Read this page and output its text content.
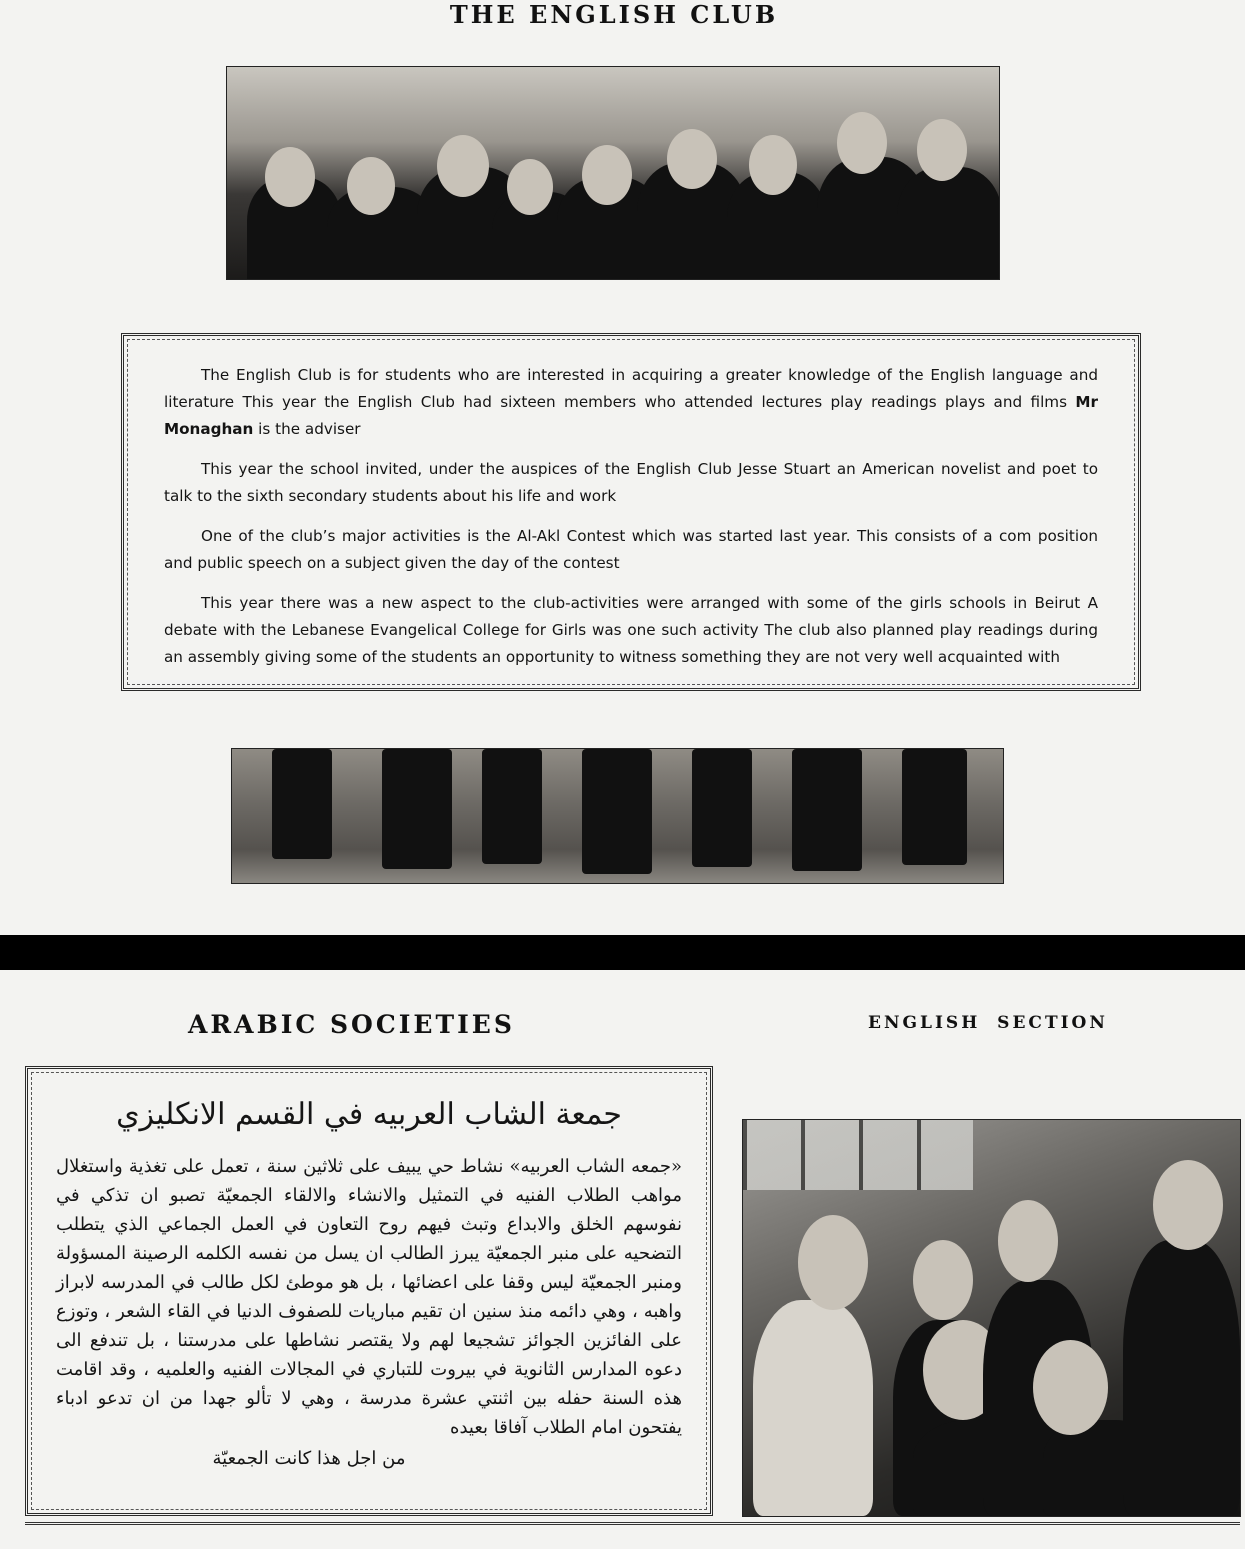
THE ENGLISH CLUB

The English Club is for students who are interested in acquiring a greater knowledge of the English language and literature This year the English Club had sixteen members who attended lectures play readings plays and films Mr Monaghan is the adviser

This year the school invited, under the auspices of the English Club Jesse Stuart an American novelist and poet to talk to the sixth secondary students about his life and work

One of the club’s major activities is the Al-Akl Contest which was started last year. This consists of a com position and public speech on a subject given the day of the contest

This year there was a new aspect to the club-activities were arranged with some of the girls schools in Beirut A debate with the Lebanese Evangelical College for Girls was one such activity The club also planned play readings during an assembly giving some of the students an opportunity to witness something they are not very well acquainted with

ARABIC SOCIETIES	ENGLISH SECTION
جمعة الشاب العربيه في القسم الانكليزي
«جمعه الشاب العربيه» نشاط حي يبيف على ثلاثين سنة ، تعمل على تغذية واستغلال مواهب الطلاب الفنيه في التمثيل والانشاء والالقاء الجمعيّة تصبو ان تذكي في نفوسهم الخلق والابداع وتبث فيهم روح التعاون في العمل الجماعي الذي يتطلب التضحيه على منبر الجمعيّة يبرز الطالب ان يسل من نفسه الكلمه الرصينة المسؤولة ومنبر الجمعيّة ليس وقفا على اعضائها ، بل هو موطئ لكل طالب في المدرسه لابراز واهبه ، وهي دائمه منذ سنين ان تقيم مباريات للصفوف الدنيا في القاء الشعر ، وتوزع على الفائزين الجوائز تشجيعا لهم ولا يقتصر نشاطها على مدرستنا ، بل تندفع الى دعوه المدارس الثانوية في بيروت للتباري في المجالات الفنيه والعلميه ، وقد اقامت هذه السنة حفله بين اثنتي عشرة مدرسة ، وهي لا تألو جهدا من ان تدعو ادباء يفتحون امام الطلاب آفاقا بعيده
من اجل هذا كانت الجمعيّة
